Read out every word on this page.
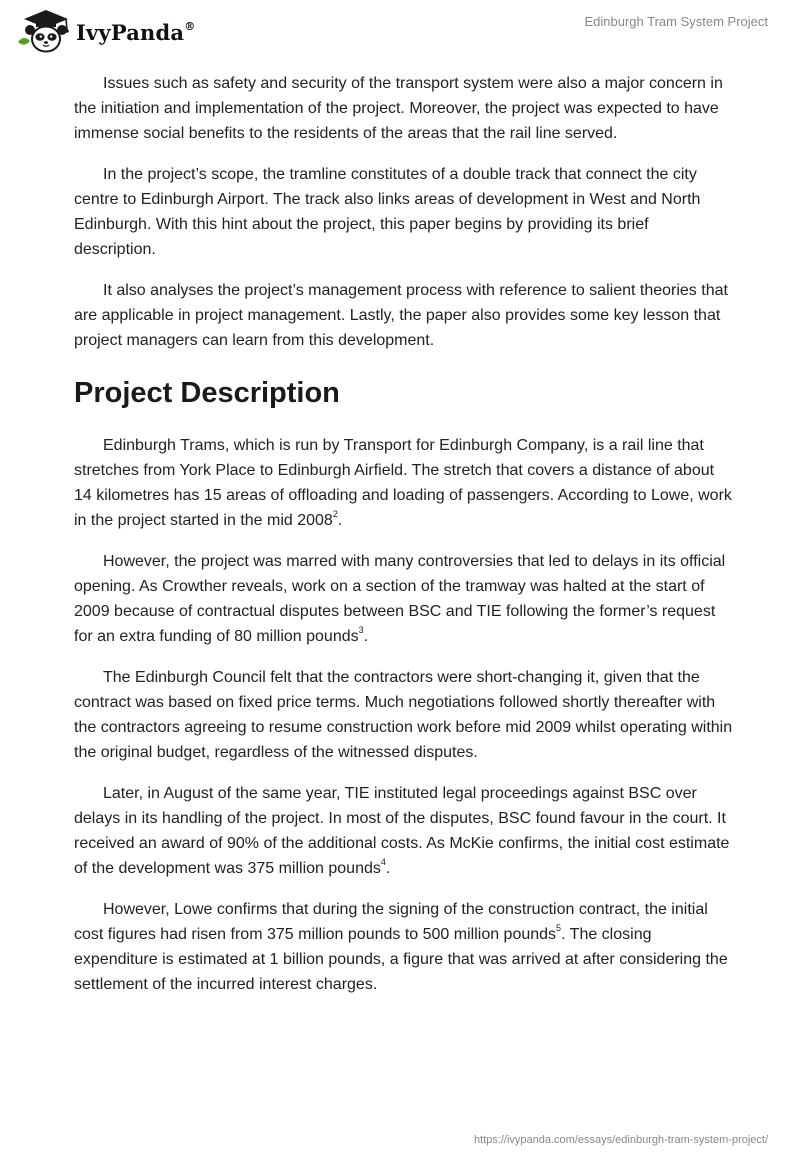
IvyPanda®	Edinburgh Tram System Project

Issues such as safety and security of the transport system were also a major concern in the initiation and implementation of the project. Moreover, the project was expected to have immense social benefits to the residents of the areas that the rail line served.

In the project’s scope, the tramline constitutes of a double track that connect the city centre to Edinburgh Airport. The track also links areas of development in West and North Edinburgh. With this hint about the project, this paper begins by providing its brief description.

It also analyses the project’s management process with reference to salient theories that are applicable in project management. Lastly, the paper also provides some key lesson that project managers can learn from this development.

Project Description

Edinburgh Trams, which is run by Transport for Edinburgh Company, is a rail line that stretches from York Place to Edinburgh Airfield. The stretch that covers a distance of about 14 kilometres has 15 areas of offloading and loading of passengers. According to Lowe, work in the project started in the mid 2008$^2$.

However, the project was marred with many controversies that led to delays in its official opening. As Crowther reveals, work on a section of the tramway was halted at the start of 2009 because of contractual disputes between BSC and TIE following the former’s request for an extra funding of 80 million pounds$^3$.

The Edinburgh Council felt that the contractors were short-changing it, given that the contract was based on fixed price terms. Much negotiations followed shortly thereafter with the contractors agreeing to resume construction work before mid 2009 whilst operating within the original budget, regardless of the witnessed disputes.

Later, in August of the same year, TIE instituted legal proceedings against BSC over delays in its handling of the project. In most of the disputes, BSC found favour in the court. It received an award of 90% of the additional costs. As McKie confirms, the initial cost estimate of the development was 375 million pounds$^4$.

However, Lowe confirms that during the signing of the construction contract, the initial cost figures had risen from 375 million pounds to 500 million pounds$^5$. The closing expenditure is estimated at 1 billion pounds, a figure that was arrived at after considering the settlement of the incurred interest charges.

https://ivypanda.com/essays/edinburgh-tram-system-project/
